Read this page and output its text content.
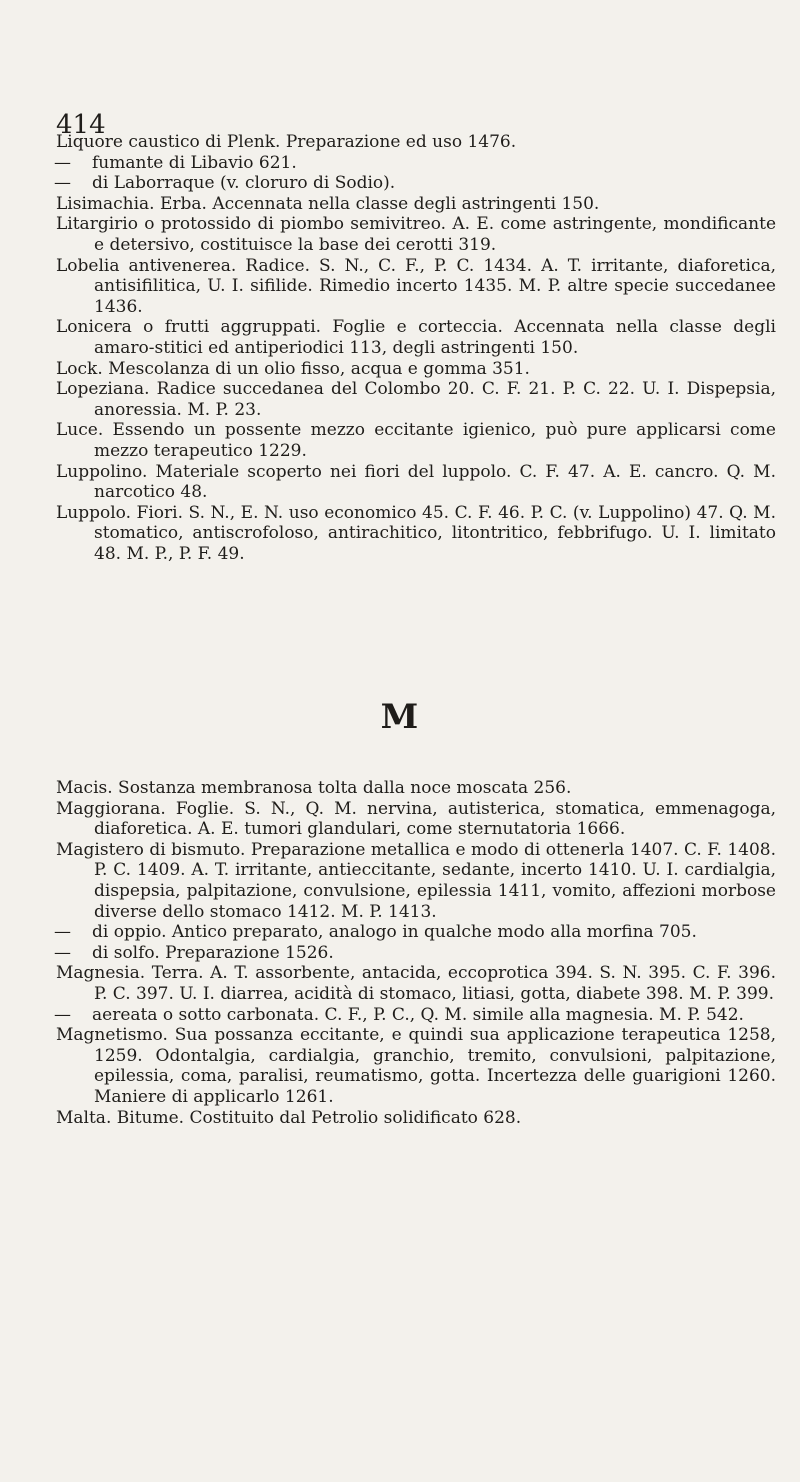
414
Liquore caustico di Plenk. Preparazione ed uso 1476.
— fumante di Libavio 621.
— di Laborraque (v. cloruro di Sodio).
Lisimachia. Erba. Accennata nella classe degli astringenti 150.
Litargirio o protossido di piombo semivitreo. A. E. come astringente, mondificante e detersivo, costituisce la base dei cerotti 319.
Lobelia antivenerea. Radice. S. N., C. F., P. C. 1434. A. T. irritante, diaforetica, antisifilitica, U. I. sifilide. Rimedio incerto 1435. M. P. altre specie succedanee 1436.
Lonicera o frutti aggruppati. Foglie e corteccia. Accennata nella classe degli amaro-stitici ed antiperiodici 113, degli astringenti 150.
Lock. Mescolanza di un olio fisso, acqua e gomma 351.
Lopeziana. Radice succedanea del Colombo 20. C. F. 21. P. C. 22. U. I. Dispepsia, anoressia. M. P. 23.
Luce. Essendo un possente mezzo eccitante igienico, può pure applicarsi come mezzo terapeutico 1229.
Luppolino. Materiale scoperto nei fiori del luppolo. C. F. 47. A. E. cancro. Q. M. narcotico 48.
Luppolo. Fiori. S. N., E. N. uso economico 45. C. F. 46. P. C. (v. Luppolino) 47. Q. M. stomatico, antiscrofoloso, antirachitico, litontritico, febbrifugo. U. I. limitato 48. M. P., P. F. 49.
M
Macis. Sostanza membranosa tolta dalla noce moscata 256.
Maggiorana. Foglie. S. N., Q. M. nervina, autisterica, stomatica, emmenagoga, diaforetica. A. E. tumori glandulari, come sternutatoria 1666.
Magistero di bismuto. Preparazione metallica e modo di ottenerla 1407. C. F. 1408. P. C. 1409. A. T. irritante, antieccitante, sedante, incerto 1410. U. I. cardialgia, dispepsia, palpitazione, convulsione, epilessia 1411, vomito, affezioni morbose diverse dello stomaco 1412. M. P. 1413.
— di oppio. Antico preparato, analogo in qualche modo alla morfina 705.
— di solfo. Preparazione 1526.
Magnesia. Terra. A. T. assorbente, antacida, eccoprotica 394. S. N. 395. C. F. 396. P. C. 397. U. I. diarrea, acidità di stomaco, litiasi, gotta, diabete 398. M. P. 399.
— aereata o sotto carbonata. C. F., P. C., Q. M. simile alla magnesia. M. P. 542.
Magnetismo. Sua possanza eccitante, e quindi sua applicazione terapeutica 1258, 1259. Odontalgia, cardialgia, granchio, tremito, convulsioni, palpitazione, epilessia, coma, paralisi, reumatismo, gotta. Incertezza delle guarigioni 1260. Maniere di applicarlo 1261.
Malta. Bitume. Costituito dal Petrolio solidificato 628.
